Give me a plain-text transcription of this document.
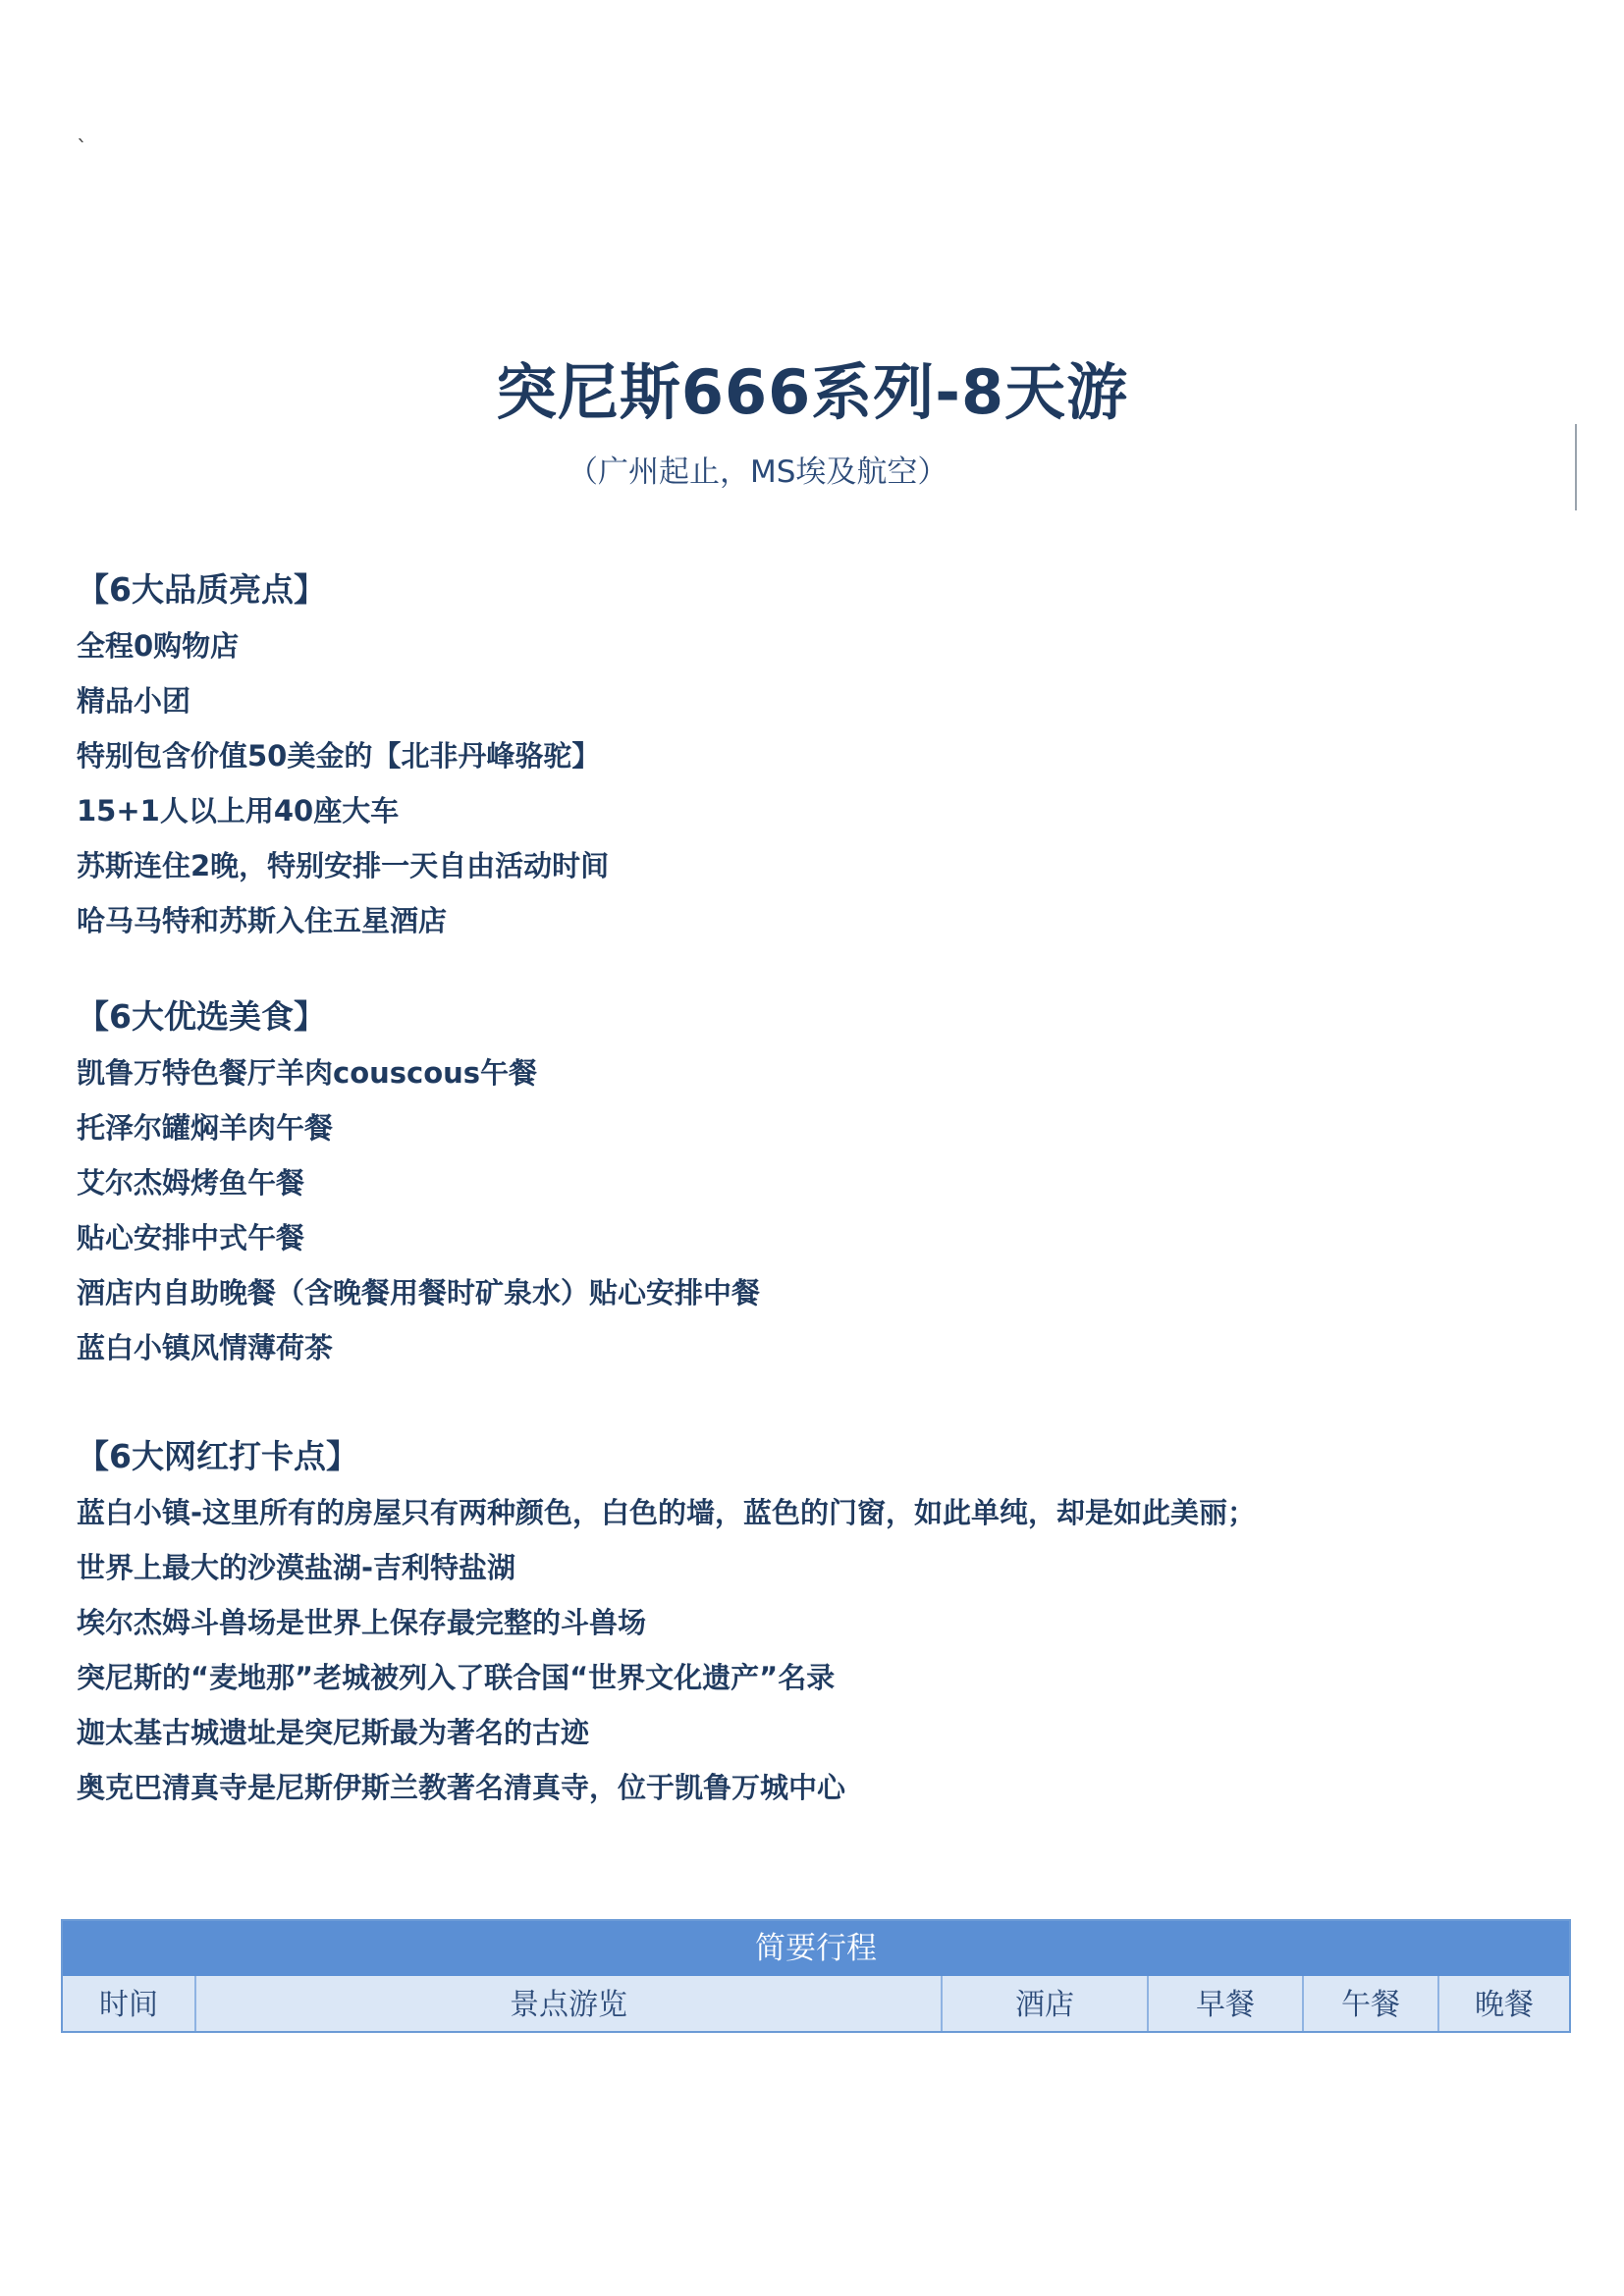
`
突尼斯666系列-8天游
（广州起止，MS埃及航空）
【6大品质亮点】
全程0购物店
精品小团
特别包含价值50美金的【北非丹峰骆驼】
15+1人以上用40座大车
苏斯连住2晚，特别安排一天自由活动时间
哈马马特和苏斯入住五星酒店
【6大优选美食】
凯鲁万特色餐厅羊肉couscous午餐
托泽尔罐焖羊肉午餐
艾尔杰姆烤鱼午餐
贴心安排中式午餐
酒店内自助晚餐（含晚餐用餐时矿泉水）贴心安排中餐
蓝白小镇风情薄荷茶
【6大网红打卡点】
蓝白小镇-这里所有的房屋只有两种颜色，白色的墙，蓝色的门窗，如此单纯，却是如此美丽；
世界上最大的沙漠盐湖-吉利特盐湖
埃尔杰姆斗兽场是世界上保存最完整的斗兽场
突尼斯的“麦地那”老城被列入了联合国“世界文化遗产”名录
迦太基古城遗址是突尼斯最为著名的古迹
奥克巴清真寺是尼斯伊斯兰教著名清真寺，位于凯鲁万城中心
简要行程
时间	景点游览	酒店	早餐	午餐	晚餐
